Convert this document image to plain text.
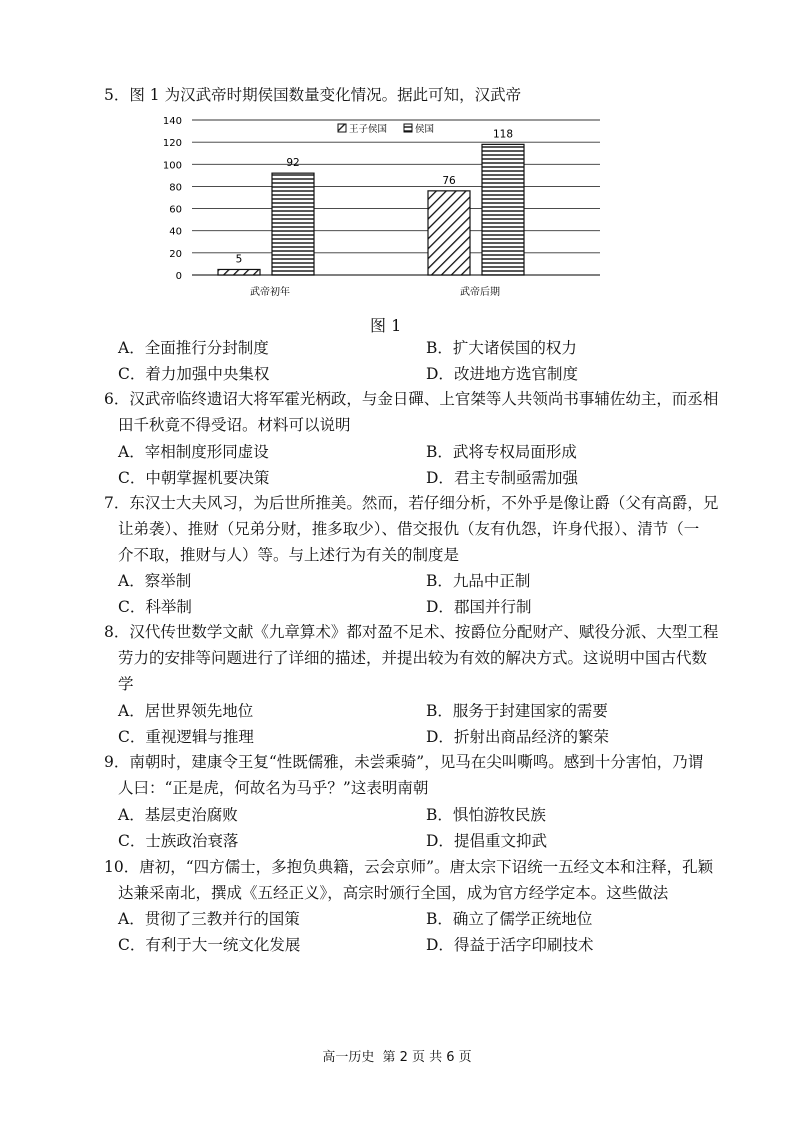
5．图 1 为汉武帝时期侯国数量变化情况。据此可知，汉武帝
A．全面推行分封制度	B．扩大诸侯国的权力
C．着力加强中央集权	D．改进地方选官制度
6．汉武帝临终遗诏大将军霍光柄政，与金日磾、上官桀等人共领尚书事辅佐幼主，而丞相
田千秋竟不得受诏。材料可以说明
A．宰相制度形同虚设	B．武将专权局面形成
C．中朝掌握机要决策	D．君主专制亟需加强
7．东汉士大夫风习，为后世所推美。然而，若仔细分析，不外乎是像让爵（父有高爵，兄
让弟袭）、推财（兄弟分财，推多取少）、借交报仇（友有仇怨，许身代报）、清节（一
介不取，推财与人）等。与上述行为有关的制度是
A．察举制	B．九品中正制
C．科举制	D．郡国并行制
8．汉代传世数学文献《九章算术》都对盈不足术、按爵位分配财产、赋役分派、大型工程
劳力的安排等问题进行了详细的描述，并提出较为有效的解决方式。这说明中国古代数
学
A．居世界领先地位	B．服务于封建国家的需要
C．重视逻辑与推理	D．折射出商品经济的繁荣
9．南朝时，建康令王复“性既儒雅，未尝乘骑”，见马在尖叫嘶鸣。感到十分害怕，乃谓
人曰：“正是虎，何故名为马乎？”这表明南朝
A．基层吏治腐败	B．惧怕游牧民族
C．士族政治衰落	D．提倡重文抑武
10．唐初，“四方儒士，多抱负典籍，云会京师”。唐太宗下诏统一五经文本和注释，孔颖
达兼采南北，撰成《五经正义》，高宗时颁行全国，成为官方经学定本。这些做法
A．贯彻了三教并行的国策	B．确立了儒学正统地位
C．有利于大一统文化发展	D．得益于活字印刷技术
0
20
40
60
80
100
120
140
5
92
武帝初年
76
118
武帝后期
王子侯国	侯国
图 1
高一历史 第 2 页 共 6 页
